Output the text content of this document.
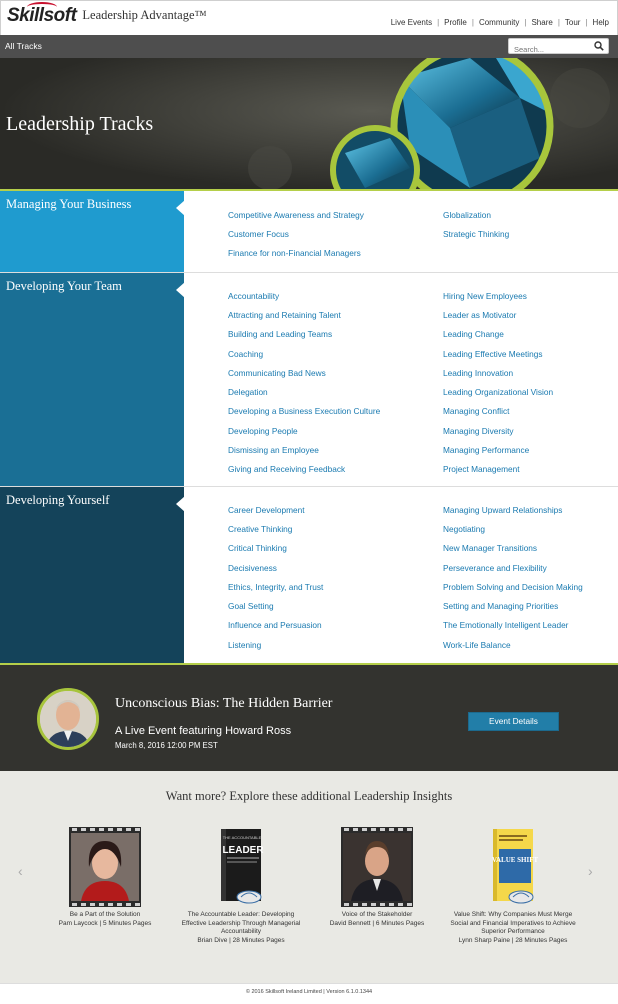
Skillsoft Leadership Advantage™
Live Events | Profile | Community | Share | Tour | Help
All Tracks
Search...
Leadership Tracks
Managing Your Business
Competitive Awareness and Strategy
Customer Focus
Finance for non-Financial Managers
Globalization
Strategic Thinking
Developing Your Team
Accountability
Attracting and Retaining Talent
Building and Leading Teams
Coaching
Communicating Bad News
Delegation
Developing a Business Execution Culture
Developing People
Dismissing an Employee
Giving and Receiving Feedback
Hiring New Employees
Leader as Motivator
Leading Change
Leading Effective Meetings
Leading Innovation
Leading Organizational Vision
Managing Conflict
Managing Diversity
Managing Performance
Project Management
Developing Yourself
Career Development
Creative Thinking
Critical Thinking
Decisiveness
Ethics, Integrity, and Trust
Goal Setting
Influence and Persuasion
Listening
Managing Upward Relationships
Negotiating
New Manager Transitions
Perseverance and Flexibility
Problem Solving and Decision Making
Setting and Managing Priorities
The Emotionally Intelligent Leader
Work-Life Balance
Unconscious Bias: The Hidden Barrier
A Live Event featuring Howard Ross
March 8, 2016 12:00 PM EST
Event Details
Want more? Explore these additional Leadership Insights
‹	›
Be a Part of the Solution
Pam Laycock | 5 Minutes Pages
THE ACCOUNTABLE
LEADER
The Accountable Leader: Developing Effective Leadership Through Managerial Accountability
Brian Dive | 28 Minutes Pages
Voice of the Stakeholder
David Bennett | 6 Minutes Pages
VALUE SHIFT
Value Shift: Why Companies Must Merge Social and Financial Imperatives to Achieve Superior Performance
Lynn Sharp Paine | 28 Minutes Pages
© 2016 Skillsoft Ireland Limited | Version 6.1.0.1344
